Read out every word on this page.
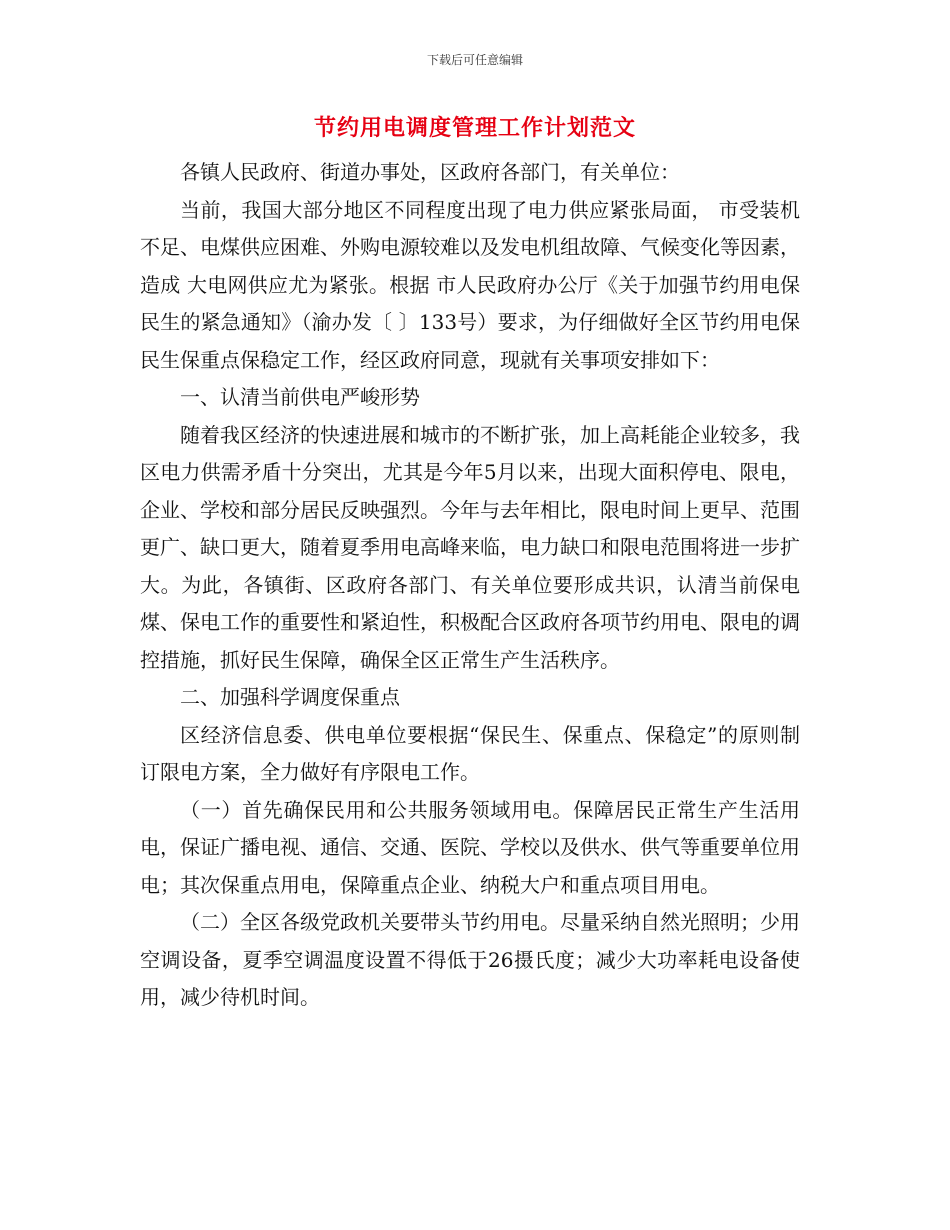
下载后可任意编辑
节约用电调度管理工作计划范文

各镇人民政府、街道办事处，区政府各部门，有关单位：

当前，我国大部分地区不同程度出现了电力供应紧张局面， 市受装机不足、电煤供应困难、外购电源较难以及发电机组故障、气候变化等因素，造成 大电网供应尤为紧张。根据 市人民政府办公厅《关于加强节约用电保民生的紧急通知》（渝办发〔 〕133号）要求，为仔细做好全区节约用电保民生保重点保稳定工作，经区政府同意，现就有关事项安排如下：

一、认清当前供电严峻形势

随着我区经济的快速进展和城市的不断扩张，加上高耗能企业较多，我区电力供需矛盾十分突出，尤其是今年5月以来，出现大面积停电、限电，企业、学校和部分居民反映强烈。今年与去年相比，限电时间上更早、范围更广、缺口更大，随着夏季用电高峰来临，电力缺口和限电范围将进一步扩大。为此，各镇街、区政府各部门、有关单位要形成共识，认清当前保电煤、保电工作的重要性和紧迫性，积极配合区政府各项节约用电、限电的调控措施，抓好民生保障，确保全区正常生产生活秩序。

二、加强科学调度保重点

区经济信息委、供电单位要根据“保民生、保重点、保稳定”的原则制订限电方案，全力做好有序限电工作。

（一）首先确保民用和公共服务领域用电。保障居民正常生产生活用电，保证广播电视、通信、交通、医院、学校以及供水、供气等重要单位用电；其次保重点用电，保障重点企业、纳税大户和重点项目用电。

（二）全区各级党政机关要带头节约用电。尽量采纳自然光照明；少用空调设备，夏季空调温度设置不得低于26摄氏度；减少大功率耗电设备使用，减少待机时间。
